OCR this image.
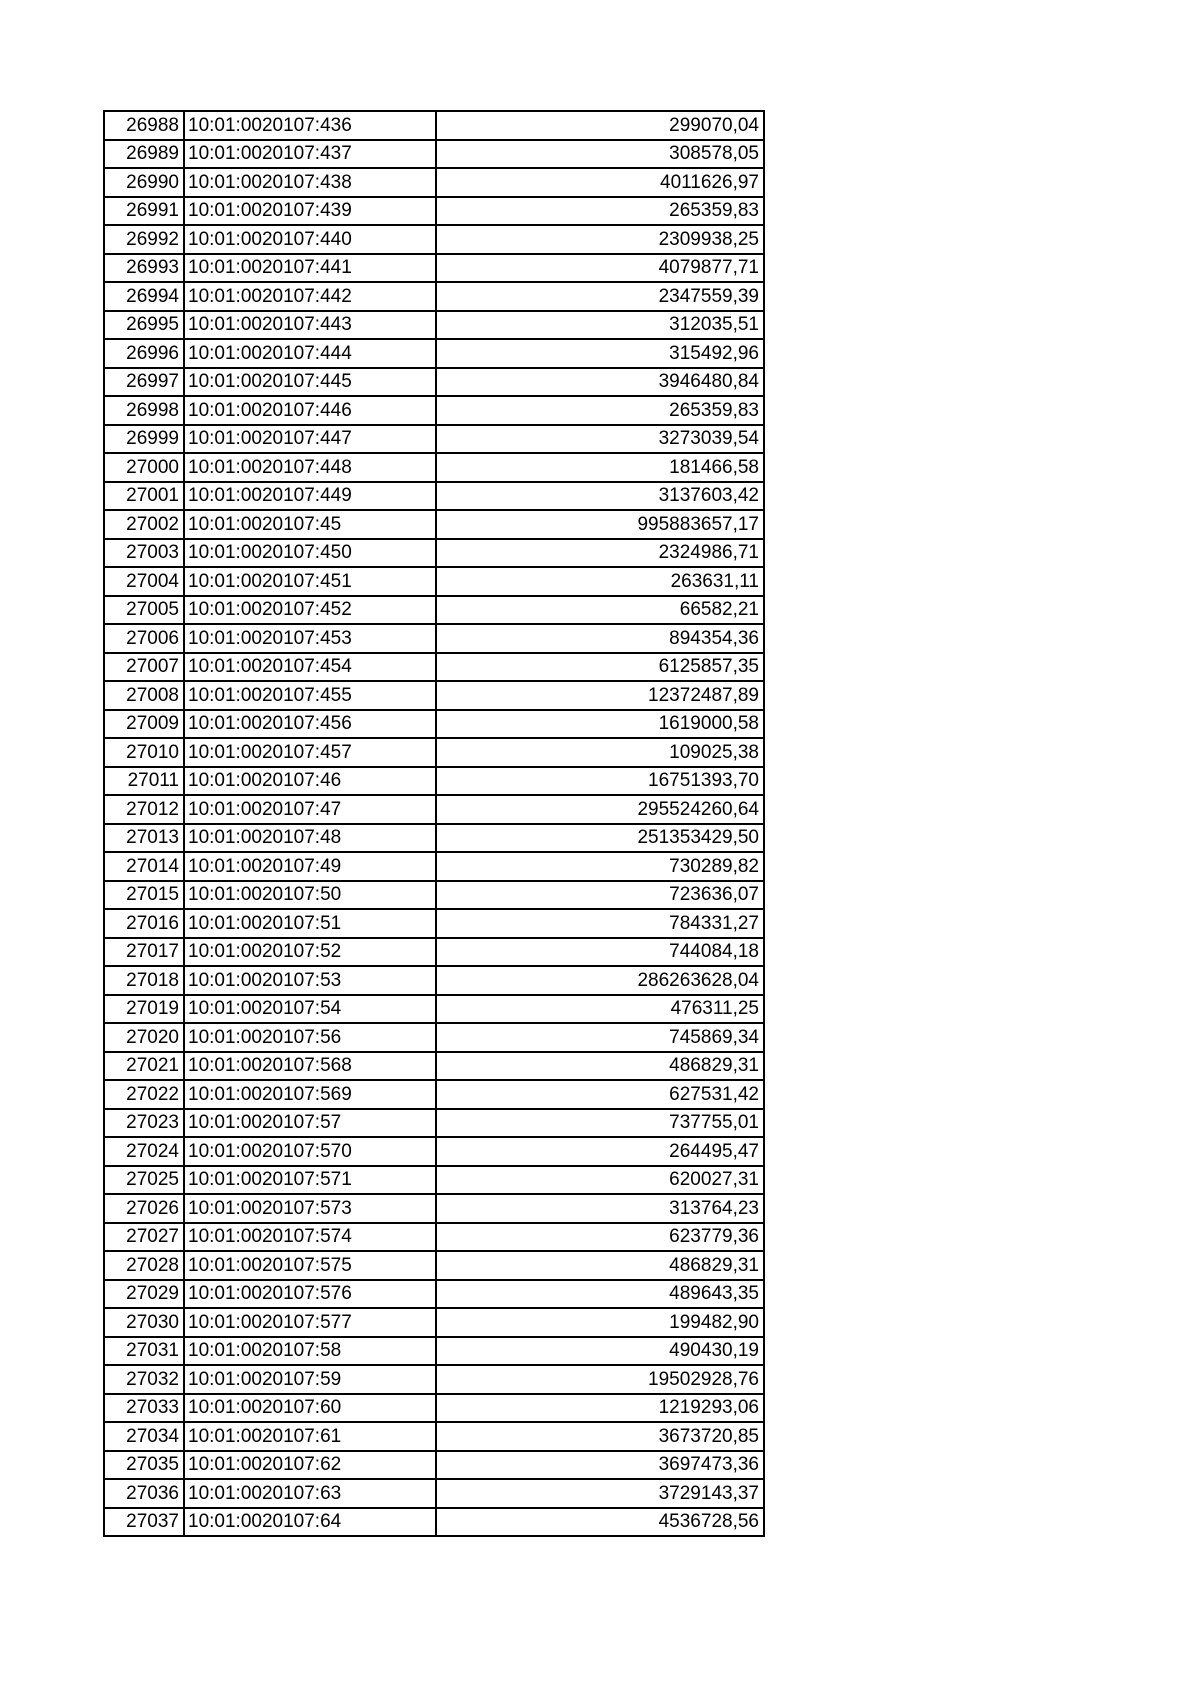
26988	10:01:0020107:436	299070,04
26989	10:01:0020107:437	308578,05
26990	10:01:0020107:438	4011626,97
26991	10:01:0020107:439	265359,83
26992	10:01:0020107:440	2309938,25
26993	10:01:0020107:441	4079877,71
26994	10:01:0020107:442	2347559,39
26995	10:01:0020107:443	312035,51
26996	10:01:0020107:444	315492,96
26997	10:01:0020107:445	3946480,84
26998	10:01:0020107:446	265359,83
26999	10:01:0020107:447	3273039,54
27000	10:01:0020107:448	181466,58
27001	10:01:0020107:449	3137603,42
27002	10:01:0020107:45	995883657,17
27003	10:01:0020107:450	2324986,71
27004	10:01:0020107:451	263631,11
27005	10:01:0020107:452	66582,21
27006	10:01:0020107:453	894354,36
27007	10:01:0020107:454	6125857,35
27008	10:01:0020107:455	12372487,89
27009	10:01:0020107:456	1619000,58
27010	10:01:0020107:457	109025,38
27011	10:01:0020107:46	16751393,70
27012	10:01:0020107:47	295524260,64
27013	10:01:0020107:48	251353429,50
27014	10:01:0020107:49	730289,82
27015	10:01:0020107:50	723636,07
27016	10:01:0020107:51	784331,27
27017	10:01:0020107:52	744084,18
27018	10:01:0020107:53	286263628,04
27019	10:01:0020107:54	476311,25
27020	10:01:0020107:56	745869,34
27021	10:01:0020107:568	486829,31
27022	10:01:0020107:569	627531,42
27023	10:01:0020107:57	737755,01
27024	10:01:0020107:570	264495,47
27025	10:01:0020107:571	620027,31
27026	10:01:0020107:573	313764,23
27027	10:01:0020107:574	623779,36
27028	10:01:0020107:575	486829,31
27029	10:01:0020107:576	489643,35
27030	10:01:0020107:577	199482,90
27031	10:01:0020107:58	490430,19
27032	10:01:0020107:59	19502928,76
27033	10:01:0020107:60	1219293,06
27034	10:01:0020107:61	3673720,85
27035	10:01:0020107:62	3697473,36
27036	10:01:0020107:63	3729143,37
27037	10:01:0020107:64	4536728,56
